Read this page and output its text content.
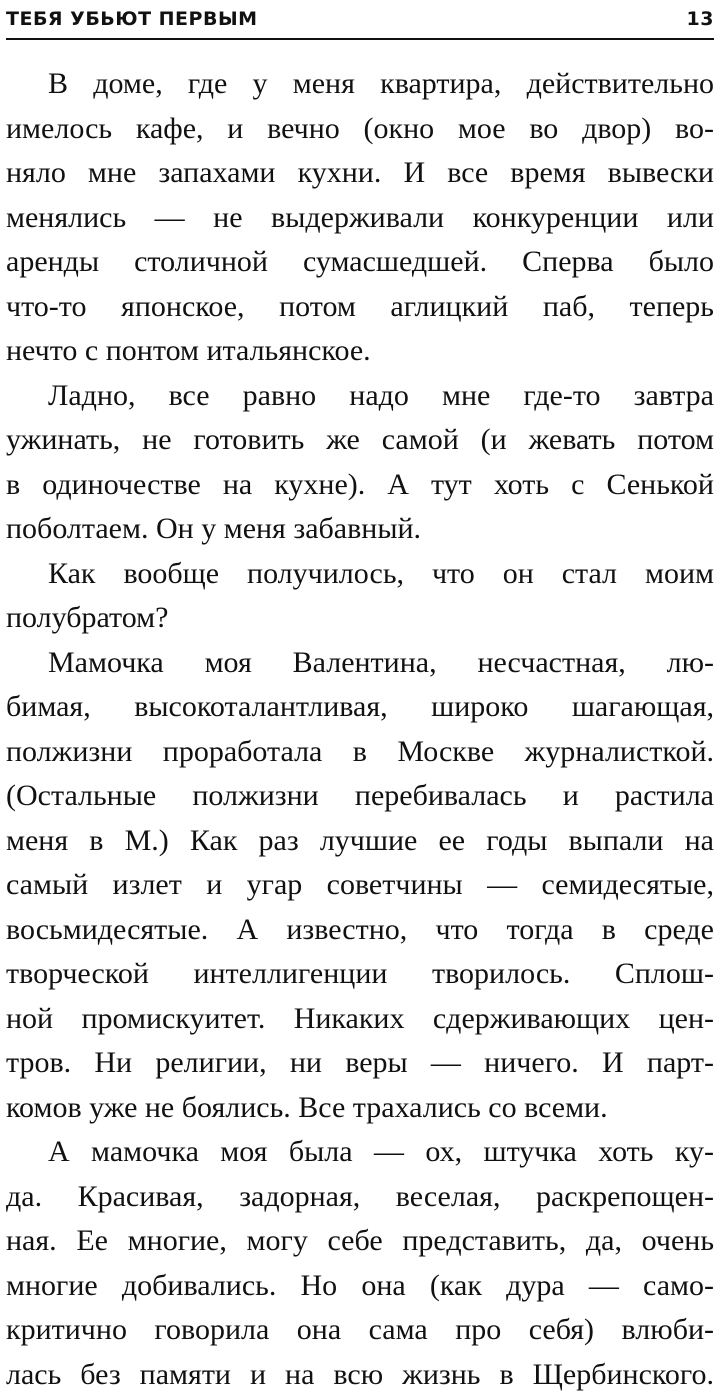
ТЕБЯ УБЬЮТ ПЕРВЫМ	13
В доме, где у меня квартира, действительно
имелось кафе, и вечно (окно мое во двор) во-
няло мне запахами кухни. И все время вывески
менялись — не выдерживали конкуренции или
аренды столичной сумасшедшей. Сперва было
что-то японское, потом аглицкий паб, теперь
нечто с понтом итальянское.
Ладно, все равно надо мне где-то завтра
ужинать, не готовить же самой (и жевать потом
в одиночестве на кухне). А тут хоть с Сенькой
поболтаем. Он у меня забавный.
Как вообще получилось, что он стал моим
полубратом?
Мамочка моя Валентина, несчастная, лю-
бимая, высокоталантливая, широко шагающая,
полжизни проработала в Москве журналисткой.
(Остальные полжизни перебивалась и растила
меня в М.) Как раз лучшие ее годы выпали на
самый излет и угар советчины — семидесятые,
восьмидесятые. А известно, что тогда в среде
творческой интеллигенции творилось. Сплош-
ной промискуитет. Никаких сдерживающих цен-
тров. Ни религии, ни веры — ничего. И парт-
комов уже не боялись. Все трахались со всеми.
А мамочка моя была — ох, штучка хоть ку-
да. Красивая, задорная, веселая, раскрепощен-
ная. Ее многие, могу себе представить, да, очень
многие добивались. Но она (как дура — само-
критично говорила она сама про себя) влюби-
лась без памяти и на всю жизнь в Щербинского.
